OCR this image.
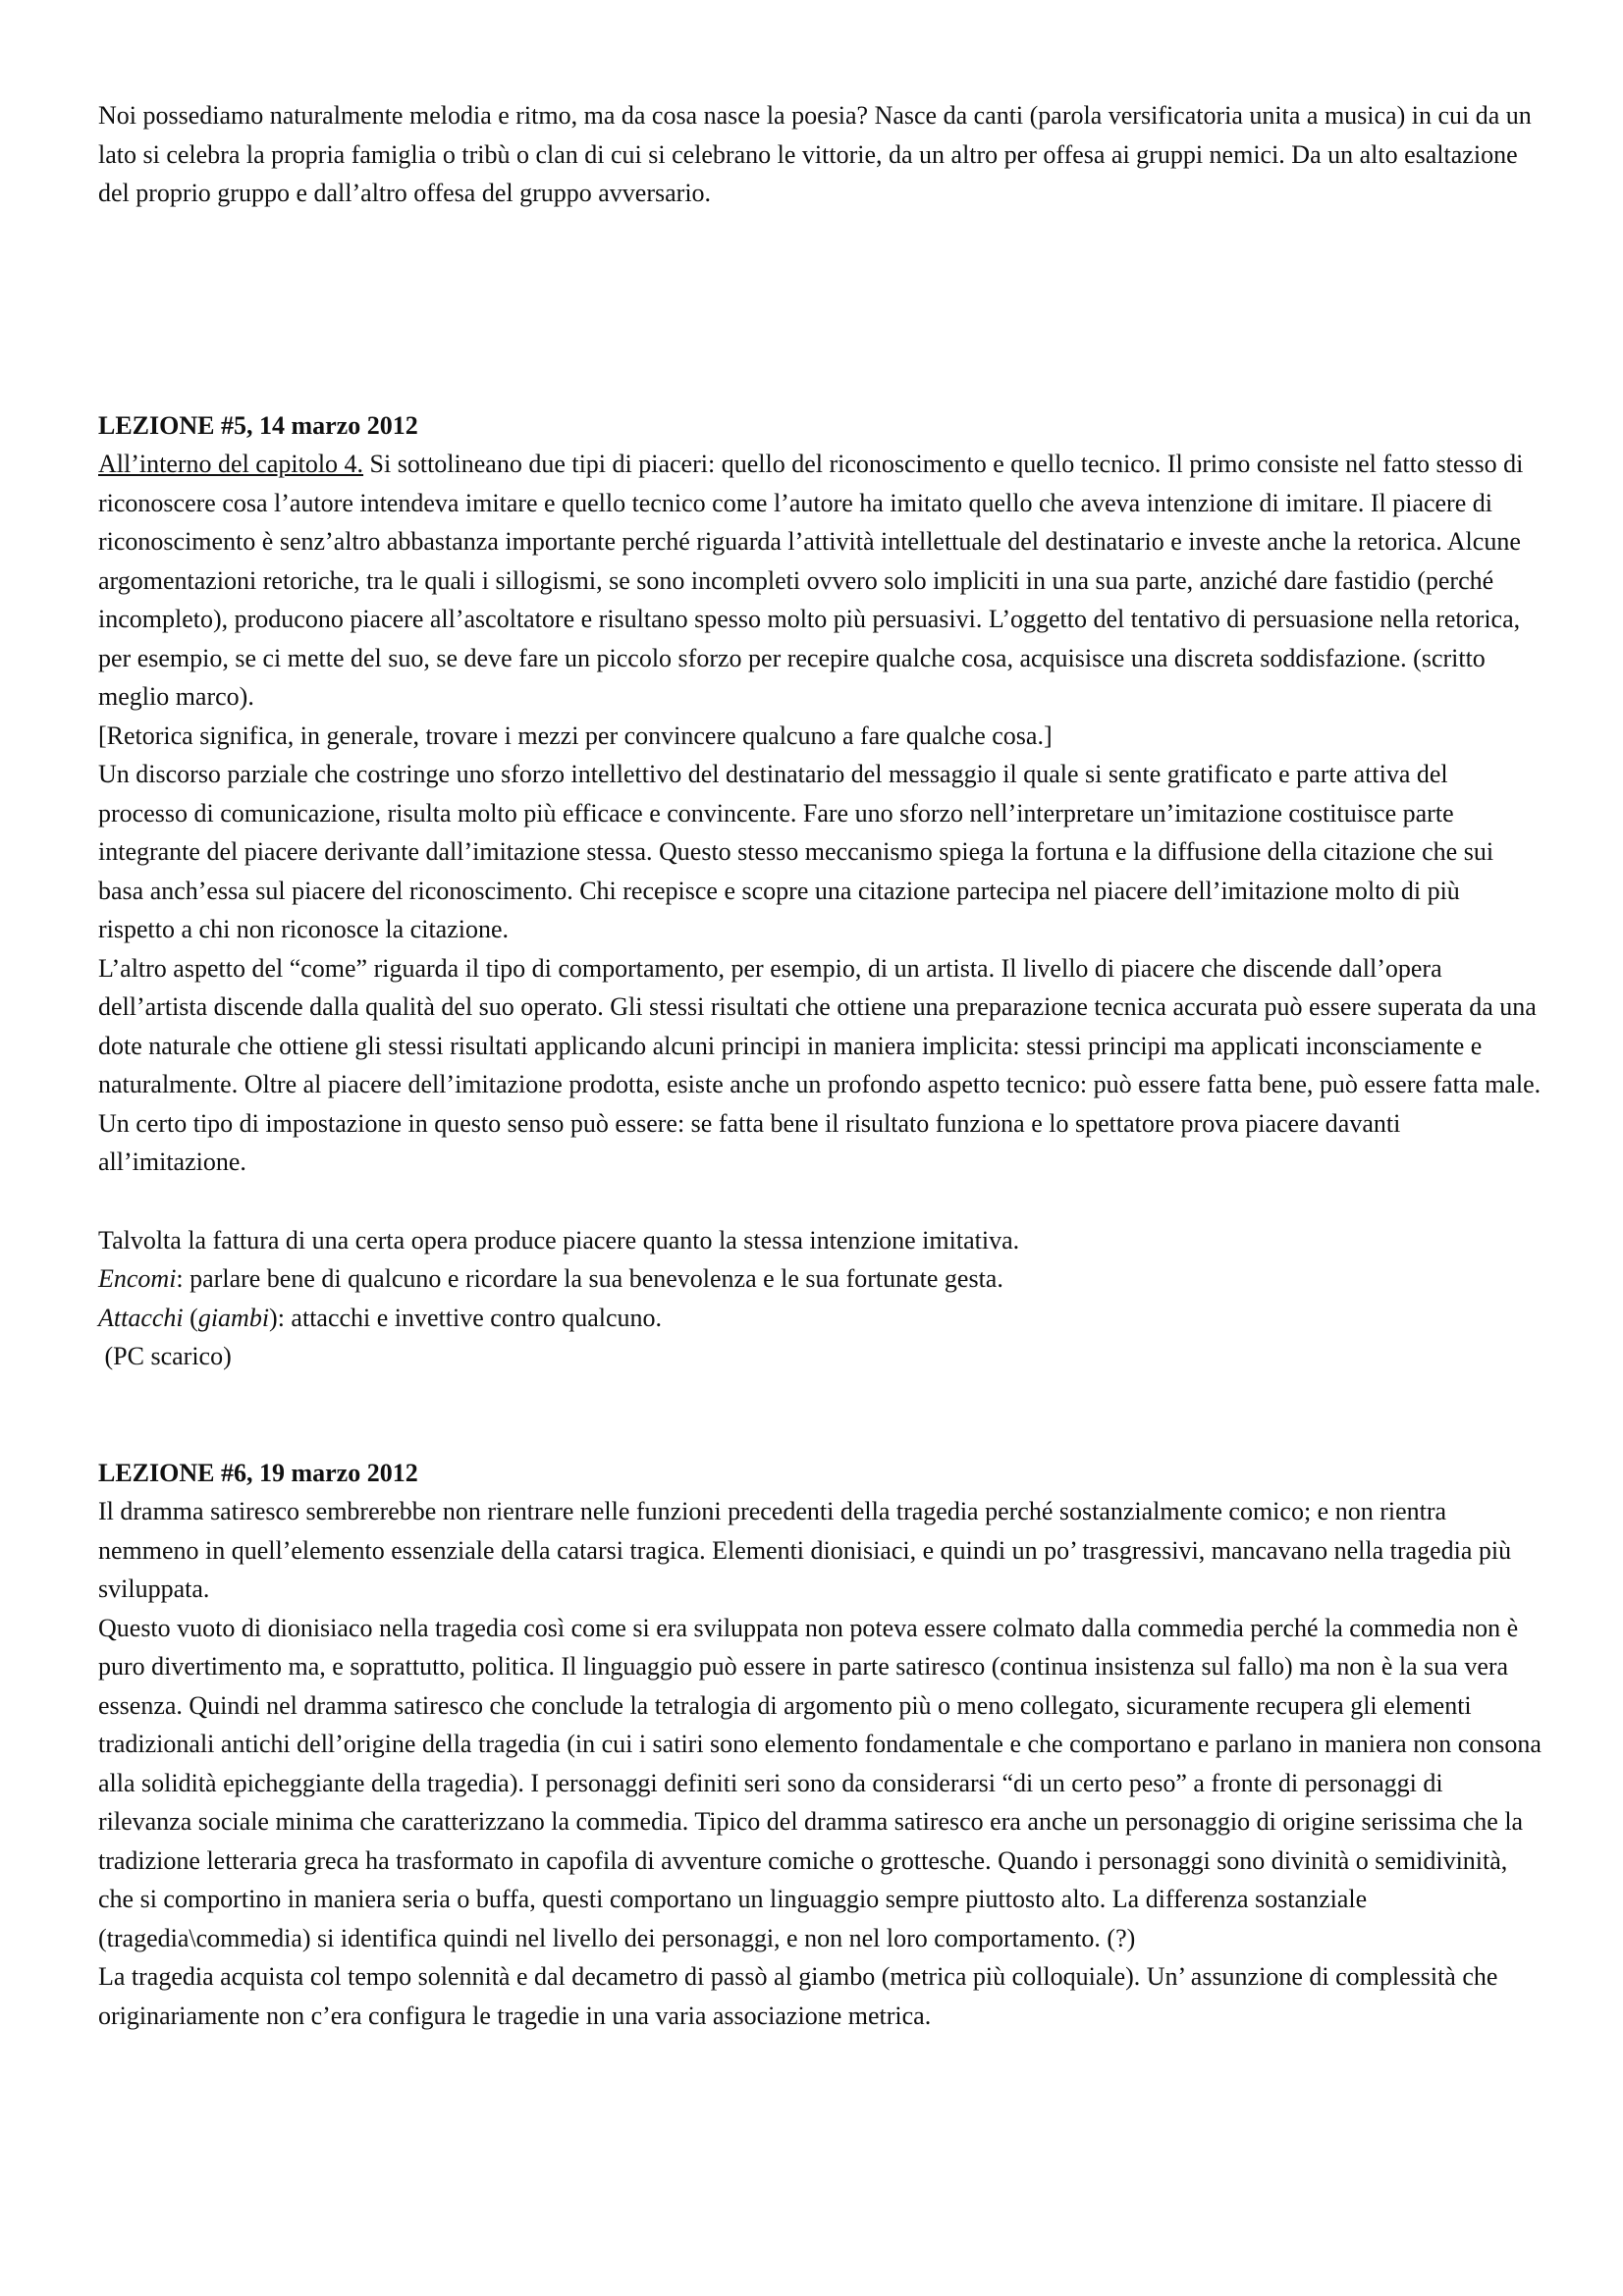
Noi possediamo naturalmente melodia e ritmo, ma da cosa nasce la poesia? Nasce da canti (parola versificatoria unita a musica) in cui da un lato si celebra la propria famiglia o tribù o clan di cui si celebrano le vittorie, da un altro per offesa ai gruppi nemici. Da un alto esaltazione del proprio gruppo e dall’altro offesa del gruppo avversario.

LEZIONE #5, 14 marzo 2012

All’interno del capitolo 4. Si sottolineano due tipi di piaceri: quello del riconoscimento e quello tecnico. Il primo consiste nel fatto stesso di riconoscere cosa l’autore intendeva imitare e quello tecnico come l’autore ha imitato quello che aveva intenzione di imitare. Il piacere di riconoscimento è senz’altro abbastanza importante perché riguarda l’attività intellettuale del destinatario e investe anche la retorica. Alcune argomentazioni retoriche, tra le quali i sillogismi, se sono incompleti ovvero solo impliciti in una sua parte, anziché dare fastidio (perché incompleto), producono piacere all’ascoltatore e risultano spesso molto più persuasivi. L’oggetto del tentativo di persuasione nella retorica, per esempio, se ci mette del suo, se deve fare un piccolo sforzo per recepire qualche cosa, acquisisce una discreta soddisfazione. (scritto meglio marco).

[Retorica significa, in generale, trovare i mezzi per convincere qualcuno a fare qualche cosa.]

Un discorso parziale che costringe uno sforzo intellettivo del destinatario del messaggio il quale si sente gratificato e parte attiva del processo di comunicazione, risulta molto più efficace e convincente. Fare uno sforzo nell’interpretare un’imitazione costituisce parte integrante del piacere derivante dall’imitazione stessa. Questo stesso meccanismo spiega la fortuna e la diffusione della citazione che sui basa anch’essa sul piacere del riconoscimento. Chi recepisce e scopre una citazione partecipa nel piacere dell’imitazione molto di più rispetto a chi non riconosce la citazione.

L’altro aspetto del “come” riguarda il tipo di comportamento, per esempio, di un artista. Il livello di piacere che discende dall’opera dell’artista discende dalla qualità del suo operato. Gli stessi risultati che ottiene una preparazione tecnica accurata può essere superata da una dote naturale che ottiene gli stessi risultati applicando alcuni principi in maniera implicita: stessi principi ma applicati inconsciamente e naturalmente. Oltre al piacere dell’imitazione prodotta, esiste anche un profondo aspetto tecnico: può essere fatta bene, può essere fatta male. Un certo tipo di impostazione in questo senso può essere: se fatta bene il risultato funziona e lo spettatore prova piacere davanti all’imitazione.

Talvolta la fattura di una certa opera produce piacere quanto la stessa intenzione imitativa.

Encomi: parlare bene di qualcuno e ricordare la sua benevolenza e le sua fortunate gesta.

Attacchi (giambi): attacchi e invettive contro qualcuno.

(PC scarico)

LEZIONE #6, 19 marzo 2012

Il dramma satiresco sembrerebbe non rientrare nelle funzioni precedenti della tragedia perché sostanzialmente comico; e non rientra nemmeno in quell’elemento essenziale della catarsi tragica. Elementi dionisiaci, e quindi un po’ trasgressivi, mancavano nella tragedia più sviluppata.

Questo vuoto di dionisiaco nella tragedia così come si era sviluppata non poteva essere colmato dalla commedia perché la commedia non è puro divertimento ma, e soprattutto, politica. Il linguaggio può essere in parte satiresco (continua insistenza sul fallo) ma non è la sua vera essenza. Quindi nel dramma satiresco che conclude la tetralogia di argomento più o meno collegato, sicuramente recupera gli elementi tradizionali antichi dell’origine della tragedia (in cui i satiri sono elemento fondamentale e che comportano e parlano in maniera non consona alla solidità epicheggiante della tragedia). I personaggi definiti seri sono da considerarsi “di un certo peso” a fronte di personaggi di rilevanza sociale minima che caratterizzano la commedia. Tipico del dramma satiresco era anche un personaggio di origine serissima che la tradizione letteraria greca ha trasformato in capofila di avventure comiche o grottesche. Quando i personaggi sono divinità o semidivinità, che si comportino in maniera seria o buffa, questi comportano un linguaggio sempre piuttosto alto. La differenza sostanziale (tragedia\commedia) si identifica quindi nel livello dei personaggi, e non nel loro comportamento. (?)

La tragedia acquista col tempo solennità e dal decametro di passò al giambo (metrica più colloquiale). Un’ assunzione di complessità che originariamente non c’era configura le tragedie in una varia associazione metrica.
